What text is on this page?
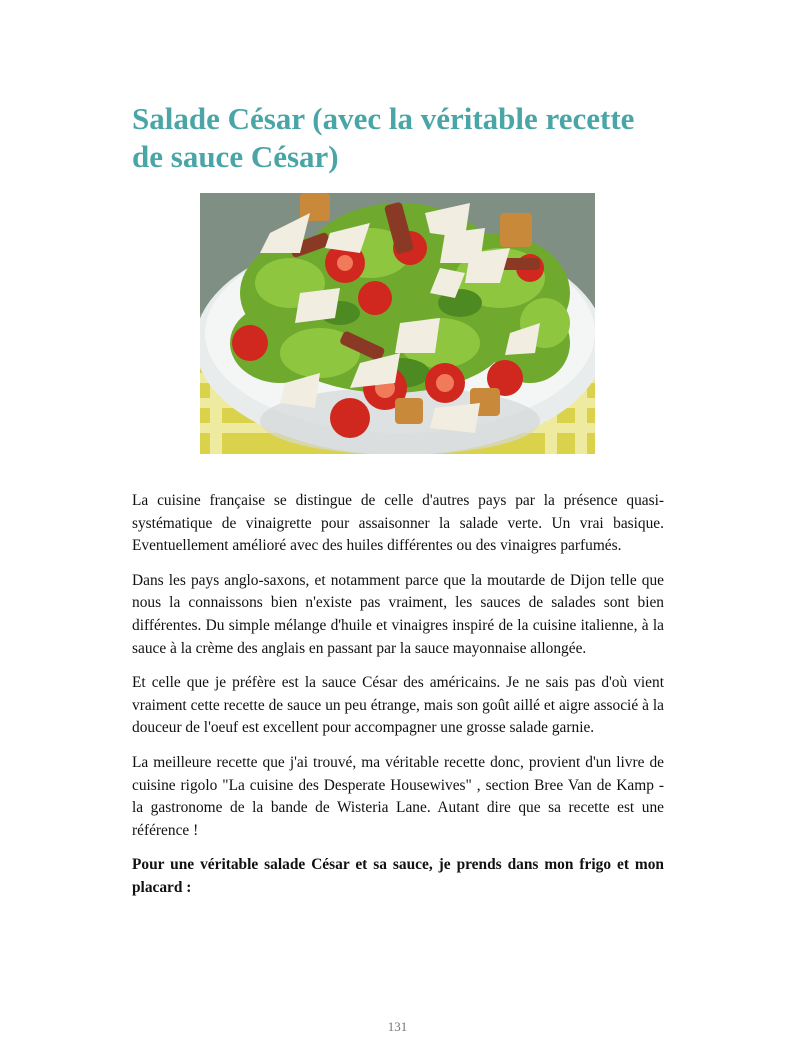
Salade César (avec la véritable recette de sauce César)

La cuisine française se distingue de celle d'autres pays par la présence quasi-systématique de vinaigrette pour assaisonner la salade verte. Un vrai basique. Eventuellement amélioré avec des huiles différentes ou des vinaigres parfumés.

Dans les pays anglo-saxons, et notamment parce que la moutarde de Dijon telle que nous la connaissons bien n'existe pas vraiment, les sauces de salades sont bien différentes. Du simple mélange d'huile et vinaigres inspiré de la cuisine italienne, à la sauce à la crème des anglais en passant par la sauce mayonnaise allongée.

Et celle que je préfère est la sauce César des américains. Je ne sais pas d'où vient vraiment cette recette de sauce un peu étrange, mais son goût aillé et aigre associé à la douceur de l'oeuf est excellent pour accompagner une grosse salade garnie.

La meilleure recette que j'ai trouvé, ma véritable recette donc, provient d'un livre de cuisine rigolo "La cuisine des Desperate Housewives" , section Bree Van de Kamp - la gastronome de la bande de Wisteria Lane. Autant dire que sa recette est une référence !

Pour une véritable salade César et sa sauce, je prends dans mon frigo et mon placard :

131
